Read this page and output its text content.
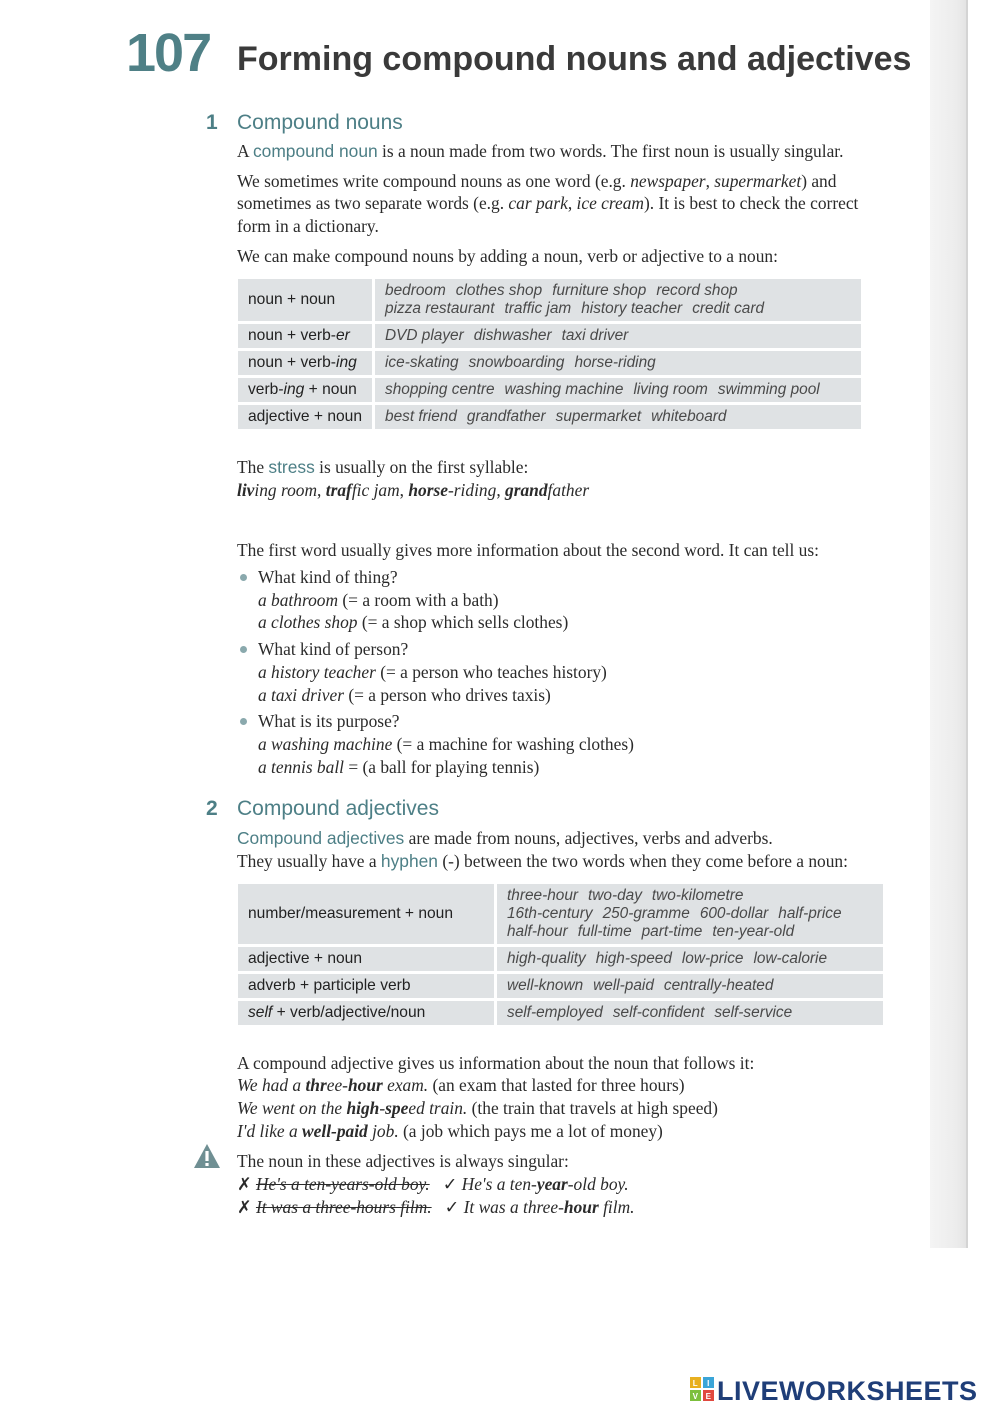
107 Forming compound nouns and adjectives
1 Compound nouns
A compound noun is a noun made from two words. The first noun is usually singular.
We sometimes write compound nouns as one word (e.g. newspaper, supermarket) and
sometimes as two separate words (e.g. car park, ice cream). It is best to check the correct
form in a dictionary.
We can make compound nouns by adding a noun, verb or adjective to a noun:
noun + noun	bedroom clothes shop furniture shop record shop
pizza restaurant traffic jam history teacher credit card

noun + verb-er	DVD player dishwasher taxi driver
noun + verb-ing	ice-skating snowboarding horse-riding
verb-ing + noun	shopping centre washing machine living room swimming pool
adjective + noun	best friend grandfather supermarket whiteboard
The stress is usually on the first syllable:
living room, traffic jam, horse-riding, grandfather
The first word usually gives more information about the second word. It can tell us:
What kind of thing?
a bathroom (= a room with a bath)
a clothes shop (= a shop which sells clothes)
What kind of person?
a history teacher (= a person who teaches history)
a taxi driver (= a person who drives taxis)
What is its purpose?
a washing machine (= a machine for washing clothes)
a tennis ball = (a ball for playing tennis)
2 Compound adjectives
Compound adjectives are made from nouns, adjectives, verbs and adverbs.
They usually have a hyphen (-) between the two words when they come before a noun:
number/measurement + noun	three-hour two-day two-kilometre
16th-century 250-gramme 600-dollar half-price
half-hour full-time part-time ten-year-old

adjective + noun	high-quality high-speed low-price low-calorie
adverb + participle verb	well-known well-paid centrally-heated
self + verb/adjective/noun	self-employed self-confident self-service
A compound adjective gives us information about the noun that follows it:
We had a three-hour exam. (an exam that lasted for three hours)
We went on the high-speed train. (the train that travels at high speed)
I'd like a well-paid job. (a job which pays me a lot of money)
The noun in these adjectives is always singular:
✗ He's a ten-years-old boy. ✓ He's a ten-year-old boy.
✗ It was a three-hours film. ✓ It was a three-hour film.
L I
V E LIVEWORKSHEETS
